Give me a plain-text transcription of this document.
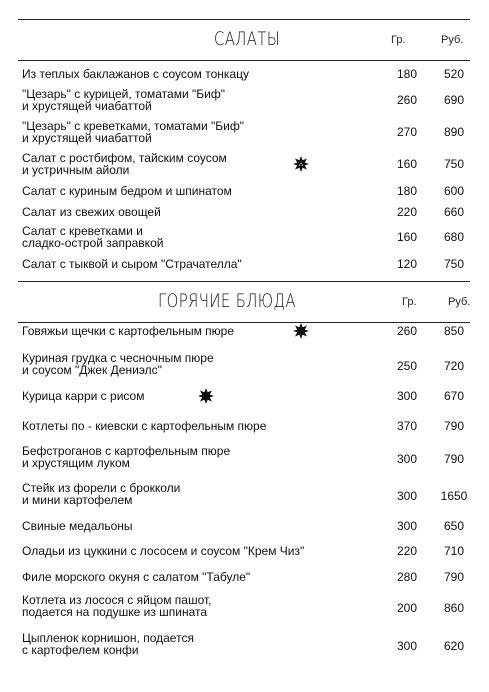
САЛАТЫ	Гр.	Руб.
Из теплых баклажанов с соусом тонкацу	180	520
"Цезарь" с курицей, томатами "Биф"
и хрустящей чиабаттой	260	690
"Цезарь" с креветками, томатами "Биф"
и хрустящей чиабаттой	270	890
Салат с ростбифом, тайским соусом
и устричным айоли	⁂	160	750
Салат с куриным бедром и шпинатом	180	600
Салат из свежих овощей	220	660
Салат с креветками и
сладко-острой заправкой	160	680
Салат с тыквой и сыром "Страчателла"	120	750
ГОРЯЧИЕ БЛЮДА	Гр.	Руб.
Говяжьи щечки с картофельным пюре	260	850
Куриная грудка с чесночным пюре
и соусом "Джек Дениэлс"	250	720
Курица карри с рисом	300	670
Котлеты по - киевски с картофельным пюре	370	790
Бефстроганов с картофельным пюре
и хрустящим луком	300	790
Стейк из форели с брокколи
и мини картофелем	300	1650
Свиные медальоны	300	650
Оладьи из цуккини с лососем и соусом "Крем Чиз"	220	710
Филе морского окуня с салатом "Табуле"	280	790
Котлета из лосося с яйцом пашот,
подается на подушке из шпината	200	860
Цыпленок корнишон, подается
с картофелем конфи	300	620
